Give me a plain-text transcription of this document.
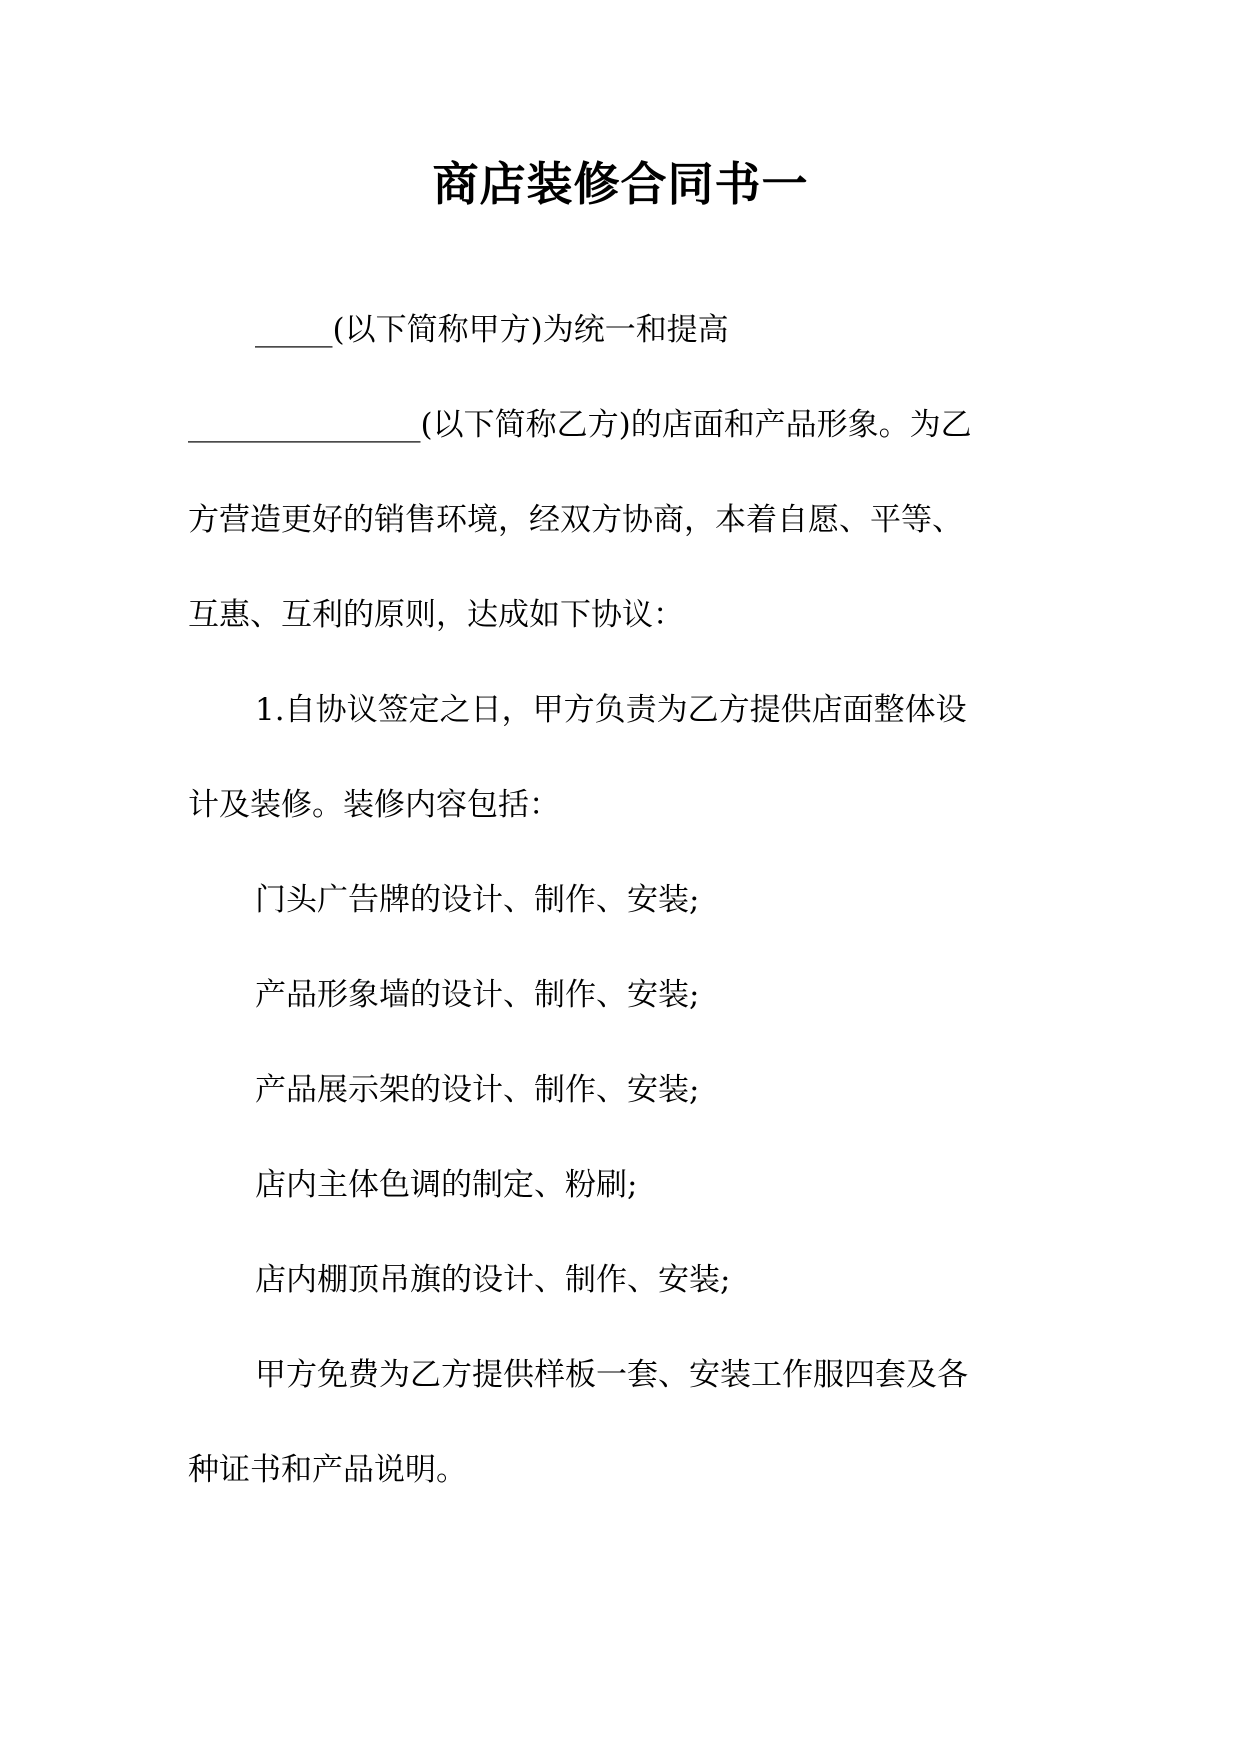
商店装修合同书一

_____(以下简称甲方)为统一和提高

_______________(以下简称乙方)的店面和产品形象。为乙

方营造更好的销售环境，经双方协商，本着自愿、平等、

互惠、互利的原则，达成如下协议：

1.自协议签定之日，甲方负责为乙方提供店面整体设

计及装修。装修内容包括：

门头广告牌的设计、制作、安装;

产品形象墙的设计、制作、安装;

产品展示架的设计、制作、安装;

店内主体色调的制定、粉刷;

店内棚顶吊旗的设计、制作、安装;

甲方免费为乙方提供样板一套、安装工作服四套及各

种证书和产品说明。
